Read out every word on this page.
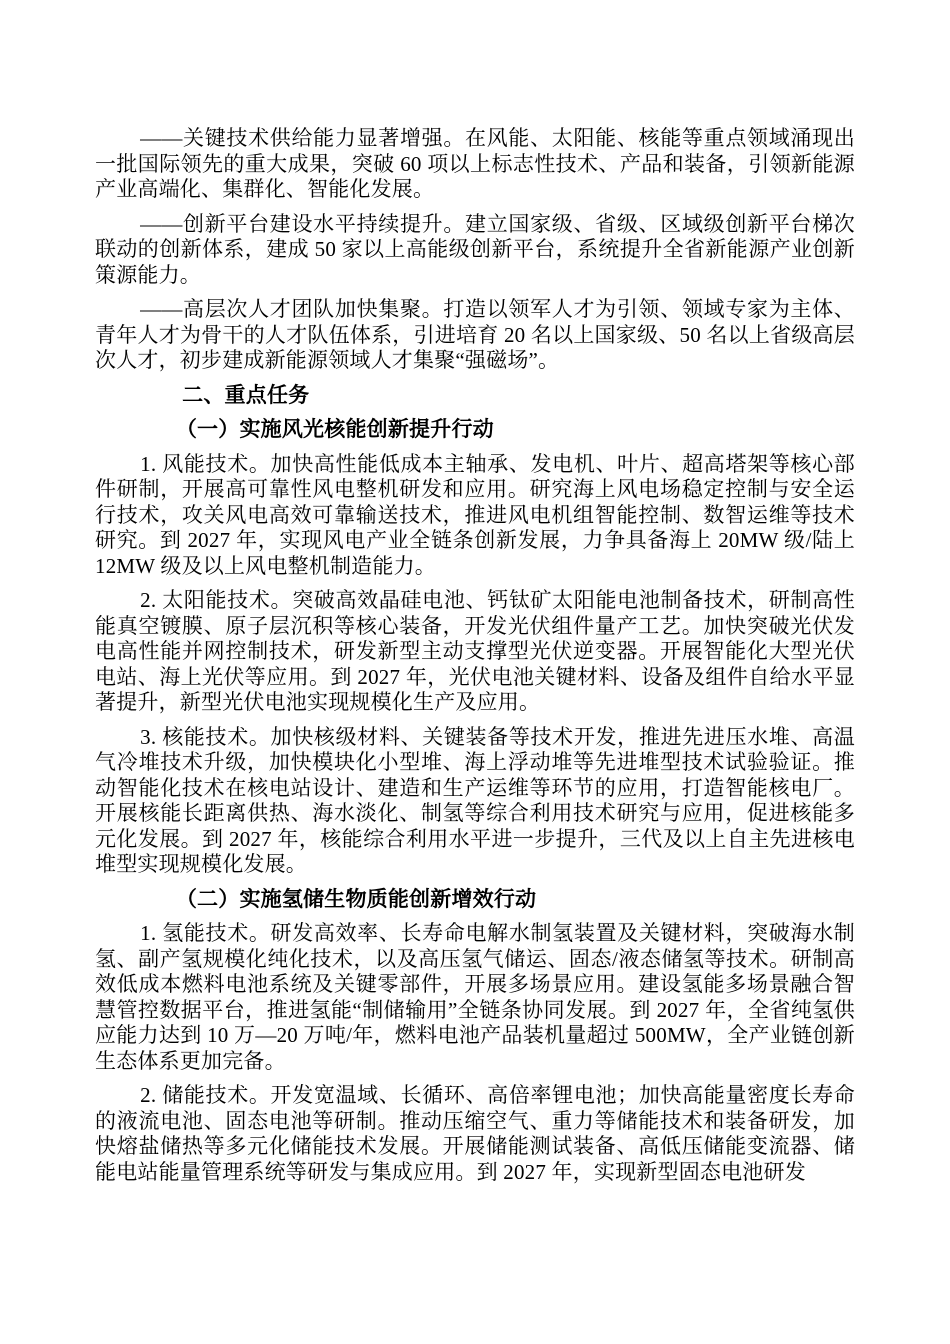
——关键技术供给能力显著增强。在风能、太阳能、核能等重点领域涌现出一批国际领先的重大成果，突破 60 项以上标志性技术、产品和装备，引领新能源产业高端化、集群化、智能化发展。

——创新平台建设水平持续提升。建立国家级、省级、区域级创新平台梯次联动的创新体系，建成 50 家以上高能级创新平台，系统提升全省新能源产业创新策源能力。

——高层次人才团队加快集聚。打造以领军人才为引领、领域专家为主体、青年人才为骨干的人才队伍体系，引进培育 20 名以上国家级、50 名以上省级高层次人才，初步建成新能源领域人才集聚“强磁场”。

二、重点任务

（一）实施风光核能创新提升行动

1. 风能技术。加快高性能低成本主轴承、发电机、叶片、超高塔架等核心部件研制，开展高可靠性风电整机研发和应用。研究海上风电场稳定控制与安全运行技术，攻关风电高效可靠输送技术，推进风电机组智能控制、数智运维等技术研究。到 2027 年，实现风电产业全链条创新发展，力争具备海上 20MW 级/陆上 12MW 级及以上风电整机制造能力。

2. 太阳能技术。突破高效晶硅电池、钙钛矿太阳能电池制备技术，研制高性能真空镀膜、原子层沉积等核心装备，开发光伏组件量产工艺。加快突破光伏发电高性能并网控制技术，研发新型主动支撑型光伏逆变器。开展智能化大型光伏电站、海上光伏等应用。到 2027 年，光伏电池关键材料、设备及组件自给水平显著提升，新型光伏电池实现规模化生产及应用。

3. 核能技术。加快核级材料、关键装备等技术开发，推进先进压水堆、高温气冷堆技术升级，加快模块化小型堆、海上浮动堆等先进堆型技术试验验证。推动智能化技术在核电站设计、建造和生产运维等环节的应用，打造智能核电厂。开展核能长距离供热、海水淡化、制氢等综合利用技术研究与应用，促进核能多元化发展。到 2027 年，核能综合利用水平进一步提升，三代及以上自主先进核电堆型实现规模化发展。

（二）实施氢储生物质能创新增效行动

1. 氢能技术。研发高效率、长寿命电解水制氢装置及关键材料，突破海水制氢、副产氢规模化纯化技术，以及高压氢气储运、固态/液态储氢等技术。研制高效低成本燃料电池系统及关键零部件，开展多场景应用。建设氢能多场景融合智慧管控数据平台，推进氢能“制储输用”全链条协同发展。到 2027 年，全省纯氢供应能力达到 10 万—20 万吨/年，燃料电池产品装机量超过 500MW，全产业链创新生态体系更加完备。

2. 储能技术。开发宽温域、长循环、高倍率锂电池；加快高能量密度长寿命的液流电池、固态电池等研制。推动压缩空气、重力等储能技术和装备研发，加快熔盐储热等多元化储能技术发展。开展储能测试装备、高低压储能变流器、储能电站能量管理系统等研发与集成应用。到 2027 年，实现新型固态电池研发
